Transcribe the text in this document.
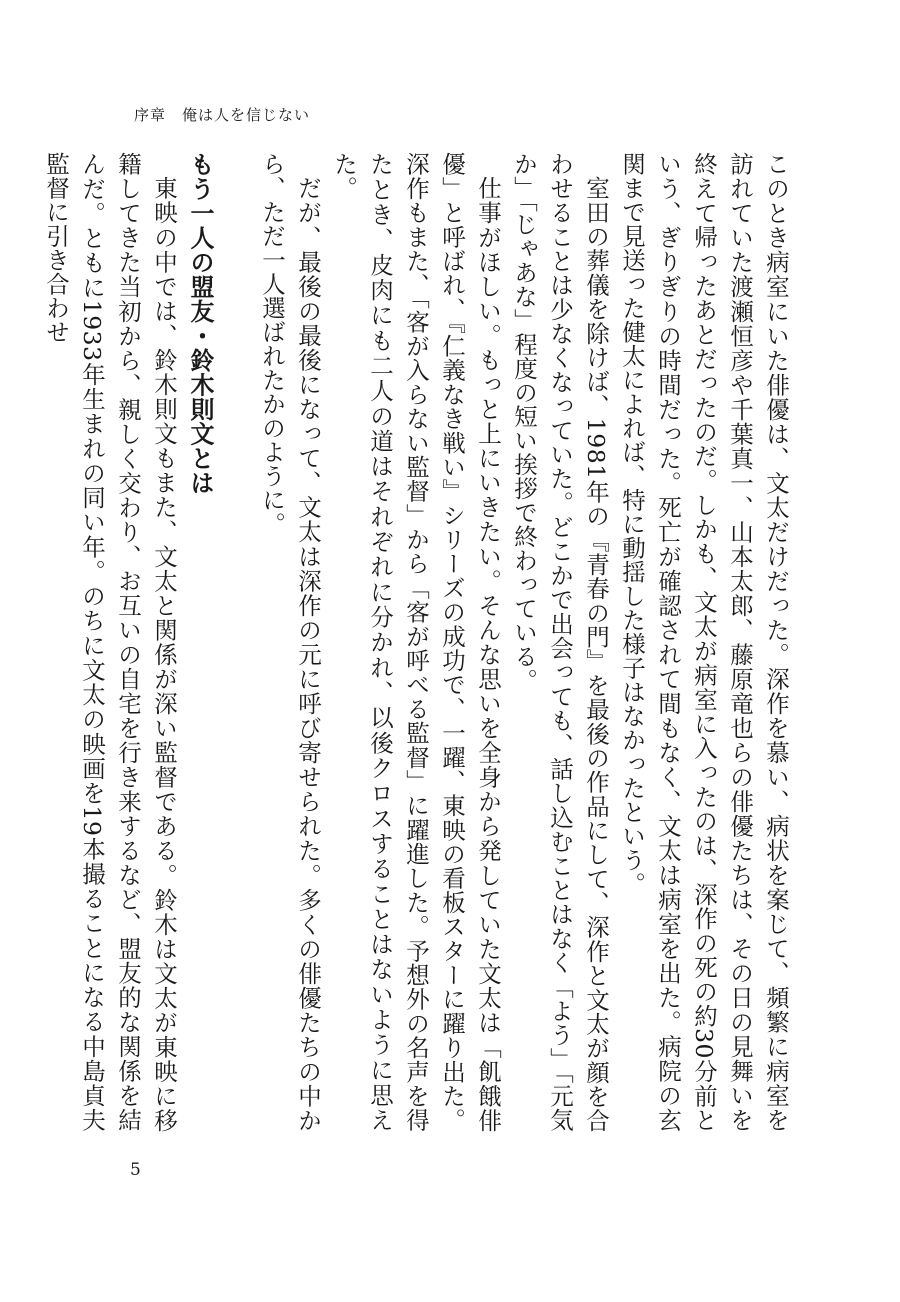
序章　俺は人を信じない

このとき病室にいた俳優は、文太だけだった。深作を慕い、病状を案じて、頻繁に病室を訪れていた渡瀬恒彦や千葉真一、山本太郎、藤原竜也らの俳優たちは、その日の見舞いを終えて帰ったあとだったのだ。しかも、文太が病室に入ったのは、深作の死の約30分前という、ぎりぎりの時間だった。死亡が確認されて間もなく、文太は病室を出た。病院の玄関まで見送った健太によれば、特に動揺した様子はなかったという。

室田の葬儀を除けば、1981年の『青春の門』を最後の作品にして、深作と文太が顔を合わせることは少なくなっていた。どこかで出会っても、話し込むことはなく「よう」「元気か」「じゃあな」程度の短い挨拶で終わっている。

仕事がほしい。もっと上にいきたい。そんな思いを全身から発していた文太は「飢餓俳優」と呼ばれ、『仁義なき戦い』シリーズの成功で、一躍、東映の看板スターに躍り出た。深作もまた、「客が入らない監督」から「客が呼べる監督」に躍進した。予想外の名声を得たとき、皮肉にも二人の道はそれぞれに分かれ、以後クロスすることはないように思えた。

だが、最後の最後になって、文太は深作の元に呼び寄せられた。多くの俳優たちの中から、ただ一人選ばれたかのように。

もう一人の盟友・鈴木則文とは

東映の中では、鈴木則文もまた、文太と関係が深い監督である。鈴木は文太が東映に移籍してきた当初から、親しく交わり、お互いの自宅を行き来するなど、盟友的な関係を結んだ。ともに1933年生まれの同い年。のちに文太の映画を19本撮ることになる中島貞夫監督に引き合わせ

5
